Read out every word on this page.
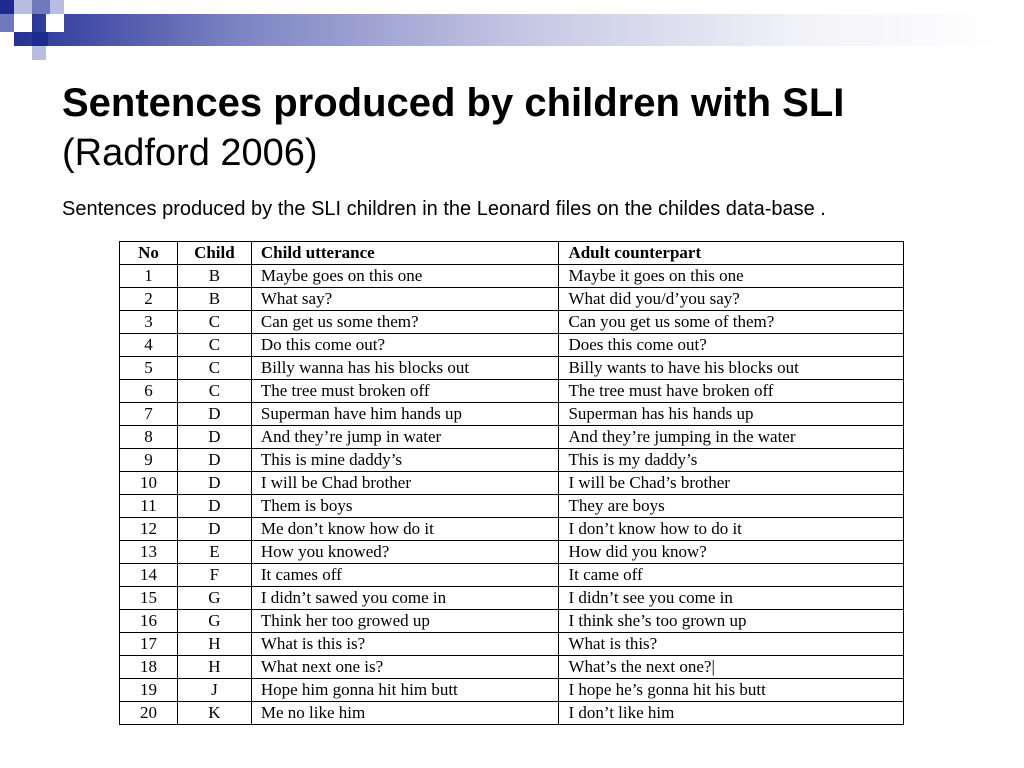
Sentences produced by children with SLI
(Radford 2006)
Sentences produced by the SLI children in the Leonard files on the childes data-base .
No	Child	Child utterance	Adult counterpart
1	B	Maybe goes on this one	Maybe it goes on this one
2	B	What say?	What did you/d’you say?
3	C	Can get us some them?	Can you get us some of them?
4	C	Do this come out?	Does this come out?
5	C	Billy wanna has his blocks out	Billy wants to have his blocks out
6	C	The tree must broken off	The tree must have broken off
7	D	Superman have him hands up	Superman has his hands up
8	D	And they’re jump in water	And they’re jumping in the water
9	D	This is mine daddy’s	This is my daddy’s
10	D	I will be Chad brother	I will be Chad’s brother
11	D	Them is boys	They are boys
12	D	Me don’t know how do it	I don’t know how to do it
13	E	How you knowed?	How did you know?
14	F	It cames off	It came off
15	G	I didn’t sawed you come in	I didn’t see you come in
16	G	Think her too growed up	I think she’s too grown up
17	H	What is this is?	What is this?
18	H	What next one is?	What’s the next one?|
19	J	Hope him gonna hit him butt	I hope he’s gonna hit his butt
20	K	Me no like him	I don’t like him
